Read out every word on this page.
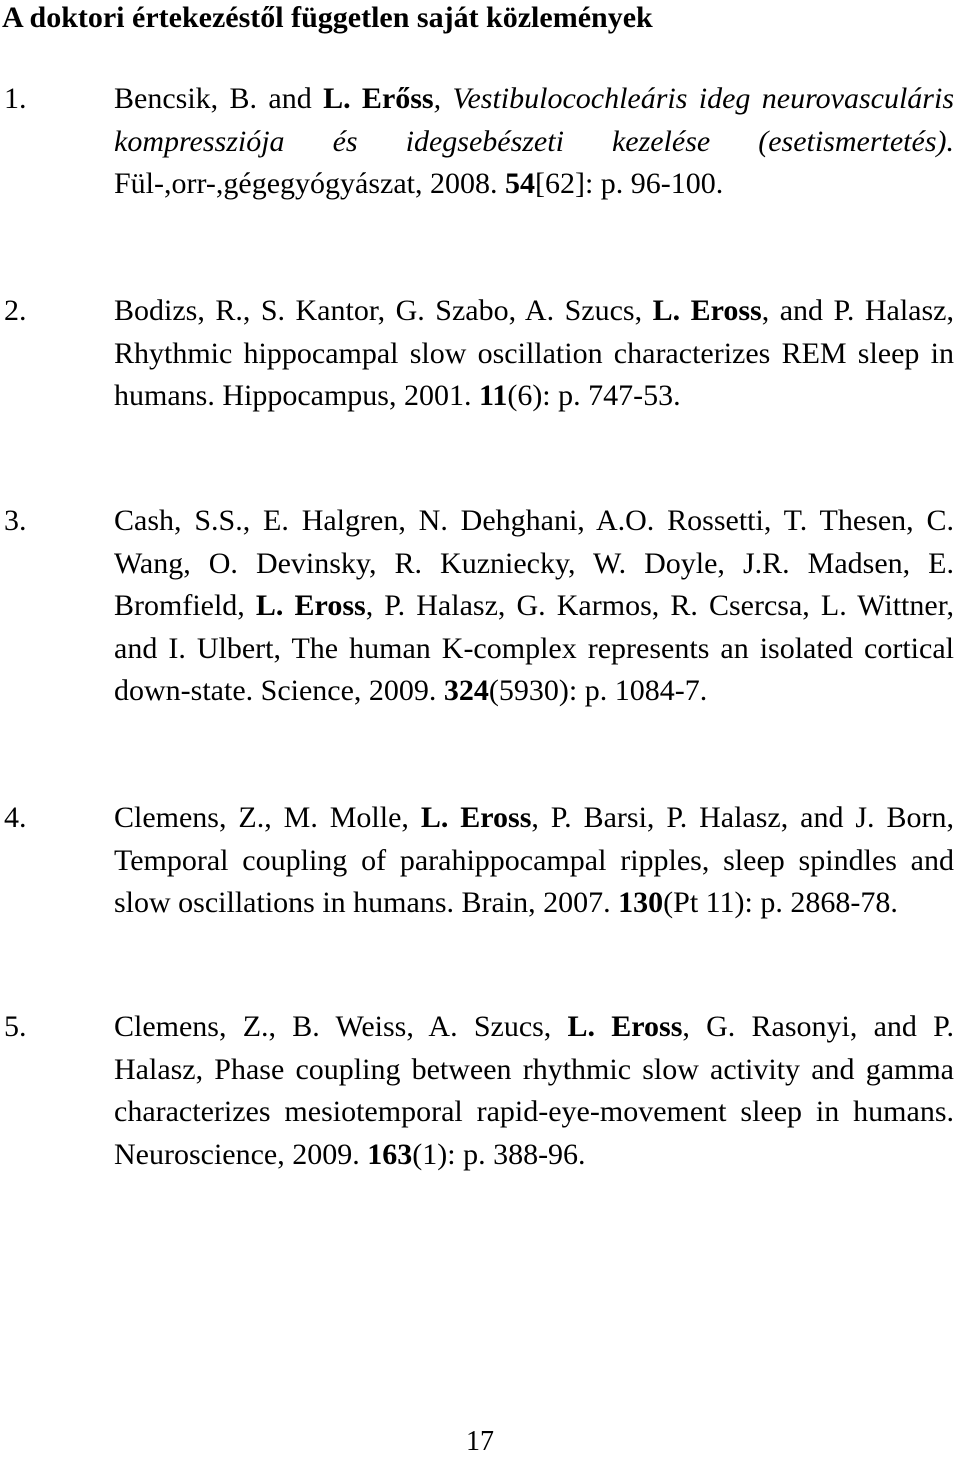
A doktori értekezéstől független saját közlemények
1.	Bencsik, B. and L. Erőss, Vestibulocochleáris ideg neurovasculáris kompressziója és idegsebészeti kezelése (esetismertetés). Fül-,orr-,gégegyógyászat, 2008. 54[62]: p. 96-100.
2.	Bodizs, R., S. Kantor, G. Szabo, A. Szucs, L. Eross, and P. Halasz, Rhythmic hippocampal slow oscillation characterizes REM sleep in humans. Hippocampus, 2001. 11(6): p. 747-53.
3.	Cash, S.S., E. Halgren, N. Dehghani, A.O. Rossetti, T. Thesen, C. Wang, O. Devinsky, R. Kuzniecky, W. Doyle, J.R. Madsen, E. Bromfield, L. Eross, P. Halasz, G. Karmos, R. Csercsa, L. Wittner, and I. Ulbert, The human K-complex represents an isolated cortical down-state. Science, 2009. 324(5930): p. 1084-7.
4.	Clemens, Z., M. Molle, L. Eross, P. Barsi, P. Halasz, and J. Born, Temporal coupling of parahippocampal ripples, sleep spindles and slow oscillations in humans. Brain, 2007. 130(Pt 11): p. 2868-78.
5.	Clemens, Z., B. Weiss, A. Szucs, L. Eross, G. Rasonyi, and P. Halasz, Phase coupling between rhythmic slow activity and gamma characterizes mesiotemporal rapid-eye-movement sleep in humans. Neuroscience, 2009. 163(1): p. 388-96.
17
